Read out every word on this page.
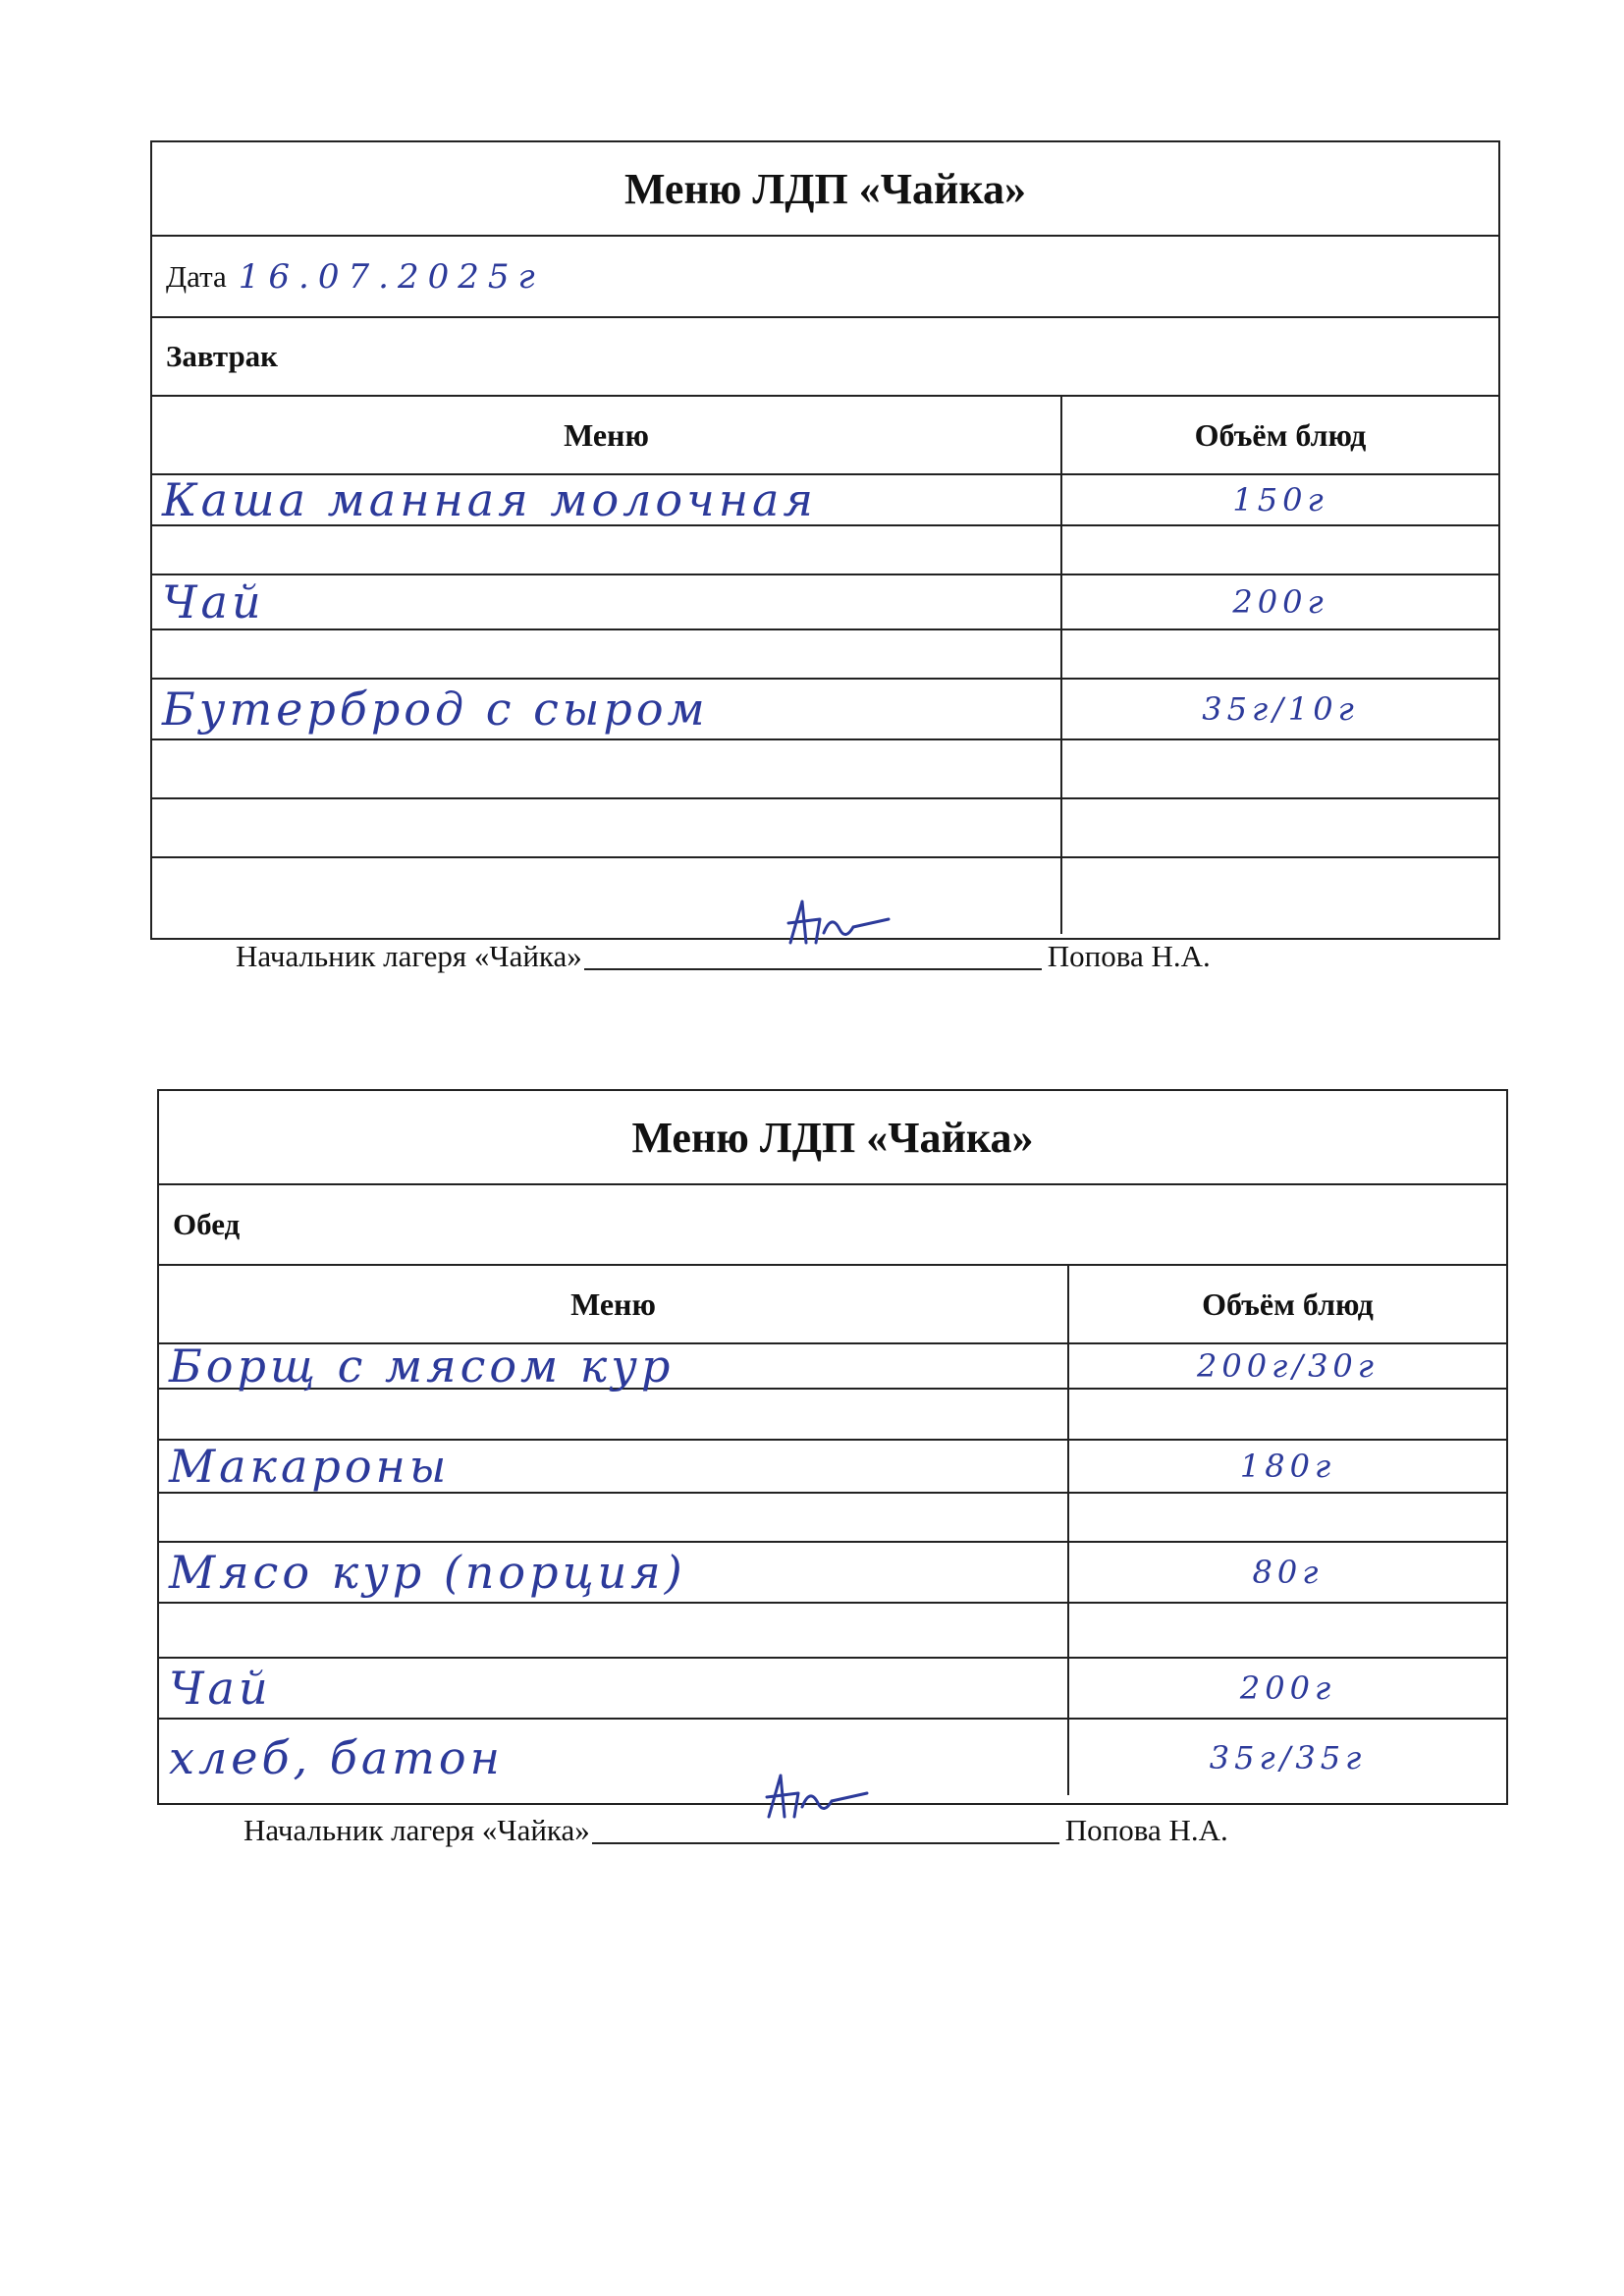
Меню ЛДП «Чайка»
Дата 16.07.2025г
Завтрак
Меню	Объём блюд
Каша манная молочная	150г
Чай	200г
Бутерброд с сыром	35г/10г
Начальник лагеря «Чайка»	Попова Н.А.
Меню ЛДП «Чайка»
Обед
Меню	Объём блюд
Борщ с мясом кур	200г/30г
Макароны	180г
Мясо кур (порция)	80г
Чай	200г
хлеб, батон	35г/35г
Начальник лагеря «Чайка»	Попова Н.А.
